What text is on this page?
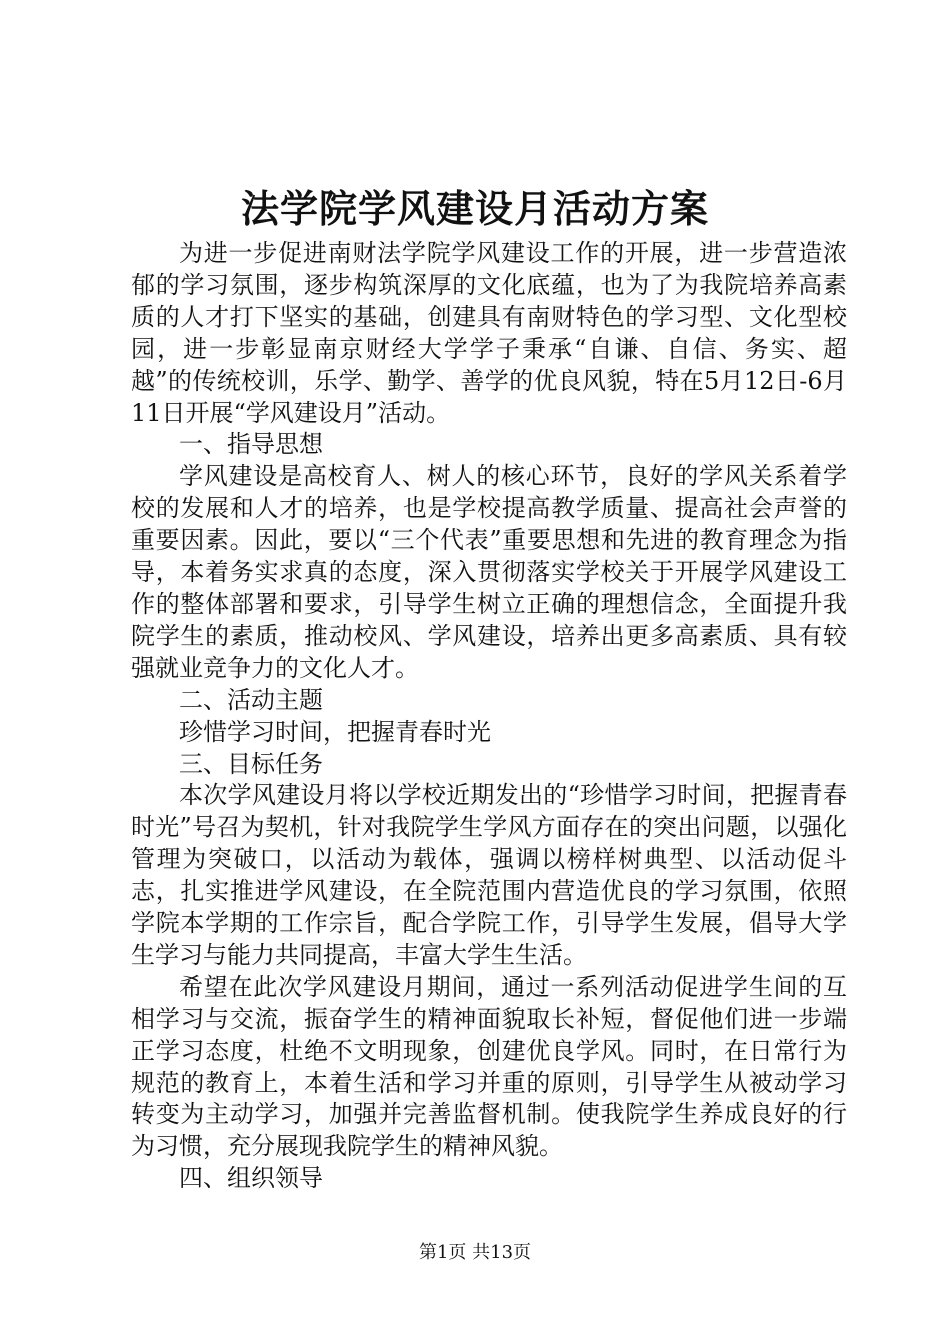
法学院学风建设月活动方案

为进一步促进南财法学院学风建设工作的开展，进一步营造浓郁的学习氛围，逐步构筑深厚的文化底蕴，也为了为我院培养高素质的人才打下坚实的基础，创建具有南财特色的学习型、文化型校园，进一步彰显南京财经大学学子秉承“自谦、自信、务实、超越”的传统校训，乐学、勤学、善学的优良风貌，特在5月12日-6月11日开展“学风建设月”活动。

一、指导思想

学风建设是高校育人、树人的核心环节，良好的学风关系着学校的发展和人才的培养，也是学校提高教学质量、提高社会声誉的重要因素。因此，要以“三个代表”重要思想和先进的教育理念为指导，本着务实求真的态度，深入贯彻落实学校关于开展学风建设工作的整体部署和要求，引导学生树立正确的理想信念，全面提升我院学生的素质，推动校风、学风建设，培养出更多高素质、具有较强就业竞争力的文化人才。

二、活动主题

珍惜学习时间，把握青春时光

三、目标任务

本次学风建设月将以学校近期发出的“珍惜学习时间，把握青春时光”号召为契机，针对我院学生学风方面存在的突出问题，以强化管理为突破口，以活动为载体，强调以榜样树典型、以活动促斗志，扎实推进学风建设，在全院范围内营造优良的学习氛围，依照学院本学期的工作宗旨，配合学院工作，引导学生发展，倡导大学生学习与能力共同提高，丰富大学生生活。

希望在此次学风建设月期间，通过一系列活动促进学生间的互相学习与交流，振奋学生的精神面貌取长补短，督促他们进一步端正学习态度，杜绝不文明现象，创建优良学风。同时，在日常行为规范的教育上，本着生活和学习并重的原则，引导学生从被动学习转变为主动学习，加强并完善监督机制。使我院学生养成良好的行为习惯，充分展现我院学生的精神风貌。

四、组织领导

第1页 共13页
